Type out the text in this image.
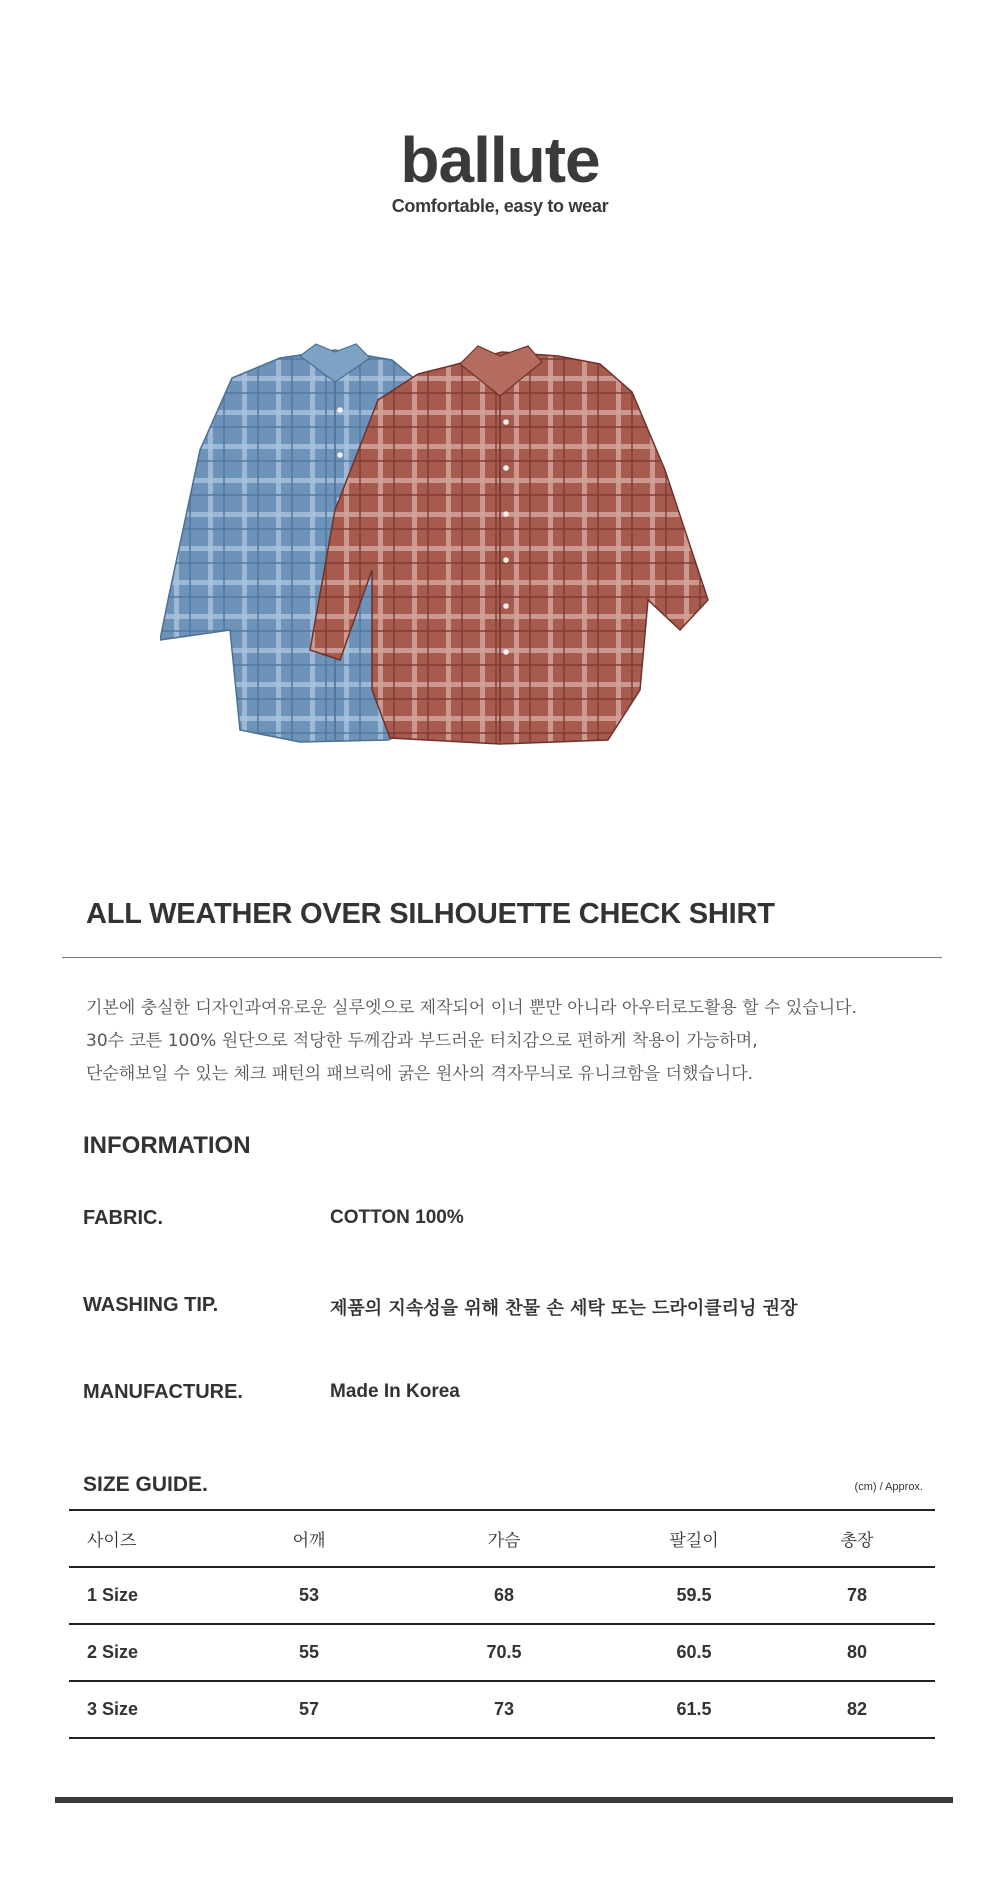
ballute
Comfortable, easy to wear
ALL WEATHER OVER SILHOUETTE CHECK SHIRT

기본에 충실한 디자인과여유로운 실루엣으로 제작되어 이너 뿐만 아니라 아우터로도활용 할 수 있습니다.

30수 코튼 100% 원단으로 적당한 두께감과 부드러운 터치감으로 편하게 착용이 가능하며,

단순해보일 수 있는 체크 패턴의 패브릭에 굵은 원사의 격자무늬로 유니크함을 더했습니다.

INFORMATION
FABRIC.	COTTON 100%
WASHING TIP.	제품의 지속성을 위해 찬물 손 세탁 또는 드라이클리닝 권장
MANUFACTURE.	Made In Korea
SIZE GUIDE.	(cm) / Approx.
사이즈	어깨	가슴	팔길이	총장
1 Size	53	68	59.5	78
2 Size	55	70.5	60.5	80
3 Size	57	73	61.5	82
